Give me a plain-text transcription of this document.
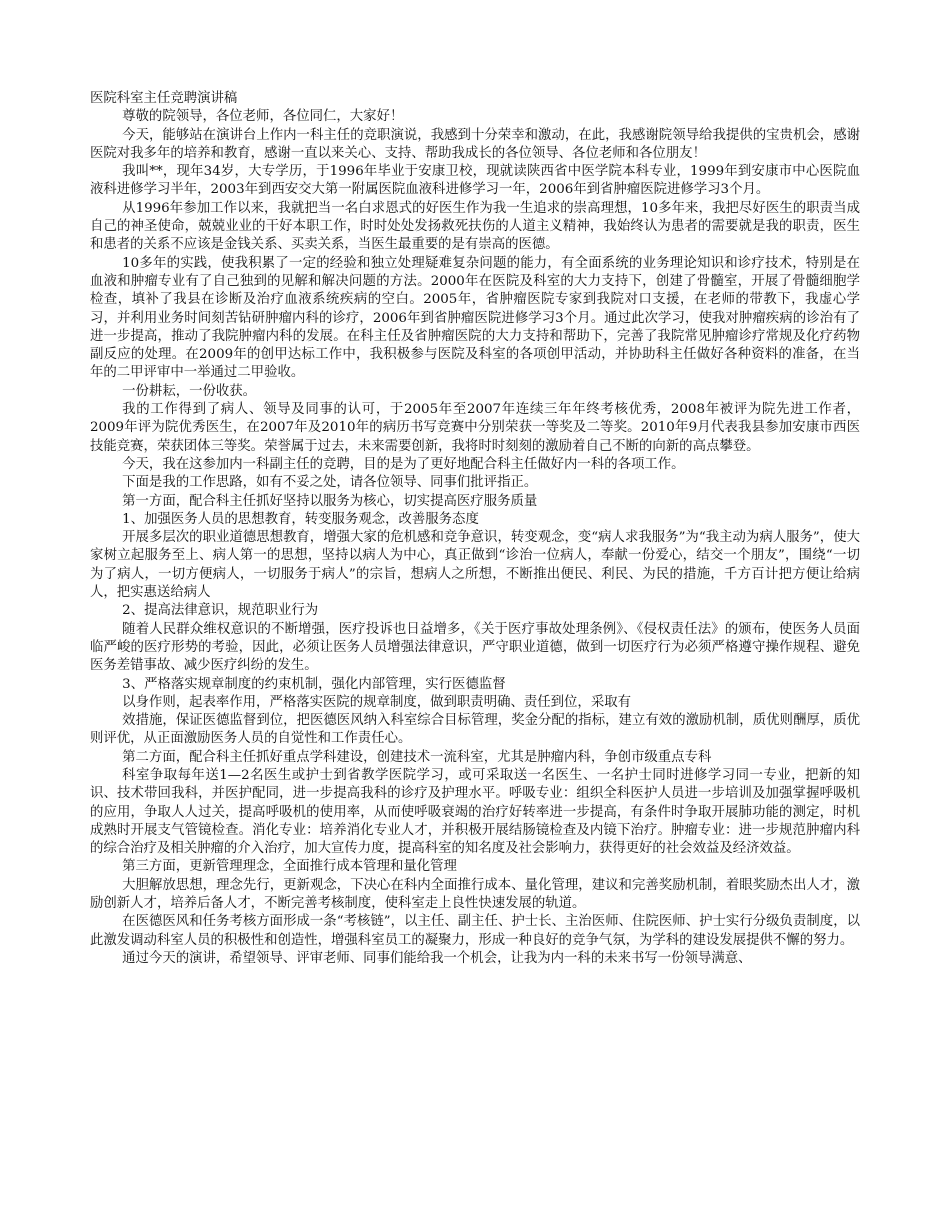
医院科室主任竞聘演讲稿

尊敬的院领导，各位老师，各位同仁，大家好！

今天，能够站在演讲台上作内一科主任的竞职演说，我感到十分荣幸和激动，在此，我感谢院领导给我提供的宝贵机会，感谢医院对我多年的培养和教育，感谢一直以来关心、支持、帮助我成长的各位领导、各位老师和各位朋友！

我叫**，现年34岁，大专学历，于1996年毕业于安康卫校，现就读陕西省中医学院本科专业，1999年到安康市中心医院血液科进修学习半年，2003年到西安交大第一附属医院血液科进修学习一年，2006年到省肿瘤医院进修学习3个月。

从1996年参加工作以来，我就把当一名白求恩式的好医生作为我一生追求的崇高理想，10多年来，我把尽好医生的职责当成自己的神圣使命，兢兢业业的干好本职工作，时时处处发扬救死扶伤的人道主义精神，我始终认为患者的需要就是我的职责，医生和患者的关系不应该是金钱关系、买卖关系，当医生最重要的是有崇高的医德。

10多年的实践，使我积累了一定的经验和独立处理疑难复杂问题的能力，有全面系统的业务理论知识和诊疗技术，特别是在血液和肿瘤专业有了自己独到的见解和解决问题的方法。2000年在医院及科室的大力支持下，创建了骨髓室，开展了骨髓细胞学检查，填补了我县在诊断及治疗血液系统疾病的空白。2005年，省肿瘤医院专家到我院对口支援，在老师的带教下，我虚心学习，并利用业务时间刻苦钻研肿瘤内科的诊疗，2006年到省肿瘤医院进修学习3个月。通过此次学习，使我对肿瘤疾病的诊治有了进一步提高，推动了我院肿瘤内科的发展。在科主任及省肿瘤医院的大力支持和帮助下，完善了我院常见肿瘤诊疗常规及化疗药物副反应的处理。在2009年的创甲达标工作中，我积极参与医院及科室的各项创甲活动，并协助科主任做好各种资料的准备，在当年的二甲评审中一举通过二甲验收。

一份耕耘，一份收获。

我的工作得到了病人、领导及同事的认可，于2005年至2007年连续三年年终考核优秀，2008年被评为院先进工作者，2009年评为院优秀医生，在2007年及2010年的病历书写竞赛中分别荣获一等奖及二等奖。2010年9月代表我县参加安康市西医技能竞赛，荣获团体三等奖。荣誉属于过去，未来需要创新，我将时时刻刻的激励着自己不断的向新的高点攀登。

今天，我在这参加内一科副主任的竞聘，目的是为了更好地配合科主任做好内一科的各项工作。

下面是我的工作思路，如有不妥之处，请各位领导、同事们批评指正。

第一方面，配合科主任抓好坚持以服务为核心，切实提高医疗服务质量

1、加强医务人员的思想教育，转变服务观念，改善服务态度

开展多层次的职业道德思想教育，增强大家的危机感和竞争意识，转变观念，变“病人求我服务”为“我主动为病人服务”，使大家树立起服务至上、病人第一的思想，坚持以病人为中心，真正做到“诊治一位病人，奉献一份爱心，结交一个朋友”，围绕“一切为了病人，一切方便病人，一切服务于病人”的宗旨，想病人之所想，不断推出便民、利民、为民的措施，千方百计把方便让给病人，把实惠送给病人

2、提高法律意识，规范职业行为

随着人民群众维权意识的不断增强，医疗投诉也日益增多，《关于医疗事故处理条例》、《侵权责任法》的颁布，使医务人员面临严峻的医疗形势的考验，因此，必须让医务人员增强法律意识，严守职业道德，做到一切医疗行为必须严格遵守操作规程、避免医务差错事故、减少医疗纠纷的发生。

3、严格落实规章制度的约束机制，强化内部管理，实行医德监督

以身作则，起表率作用，严格落实医院的规章制度，做到职责明确、责任到位，采取有

效措施，保证医德监督到位，把医德医风纳入科室综合目标管理，奖金分配的指标，建立有效的激励机制，质优则酬厚，质优则评优，从正面激励医务人员的自觉性和工作责任心。

第二方面，配合科主任抓好重点学科建设，创建技术一流科室，尤其是肿瘤内科，争创市级重点专科

科室争取每年送1—2名医生或护士到省教学医院学习，或可采取送一名医生、一名护士同时进修学习同一专业，把新的知识、技术带回我科，并医护配同，进一步提高我科的诊疗及护理水平。呼吸专业：组织全科医护人员进一步培训及加强掌握呼吸机的应用，争取人人过关，提高呼吸机的使用率，从而使呼吸衰竭的治疗好转率进一步提高，有条件时争取开展肺功能的测定，时机成熟时开展支气管镜检查。消化专业：培养消化专业人才，并积极开展结肠镜检查及内镜下治疗。肿瘤专业：进一步规范肿瘤内科的综合治疗及相关肿瘤的介入治疗，加大宣传力度，提高科室的知名度及社会影响力，获得更好的社会效益及经济效益。

第三方面，更新管理理念，全面推行成本管理和量化管理

大胆解放思想，理念先行，更新观念，下决心在科内全面推行成本、量化管理，建议和完善奖励机制，着眼奖励杰出人才，激励创新人才，培养后备人才，不断完善考核制度，使科室走上良性快速发展的轨道。

在医德医风和任务考核方面形成一条“考核链”，以主任、副主任、护士长、主治医师、住院医师、护士实行分级负责制度，以此激发调动科室人员的积极性和创造性，增强科室员工的凝聚力，形成一种良好的竞争气氛，为学科的建设发展提供不懈的努力。

通过今天的演讲，希望领导、评审老师、同事们能给我一个机会，让我为内一科的未来书写一份领导满意、
